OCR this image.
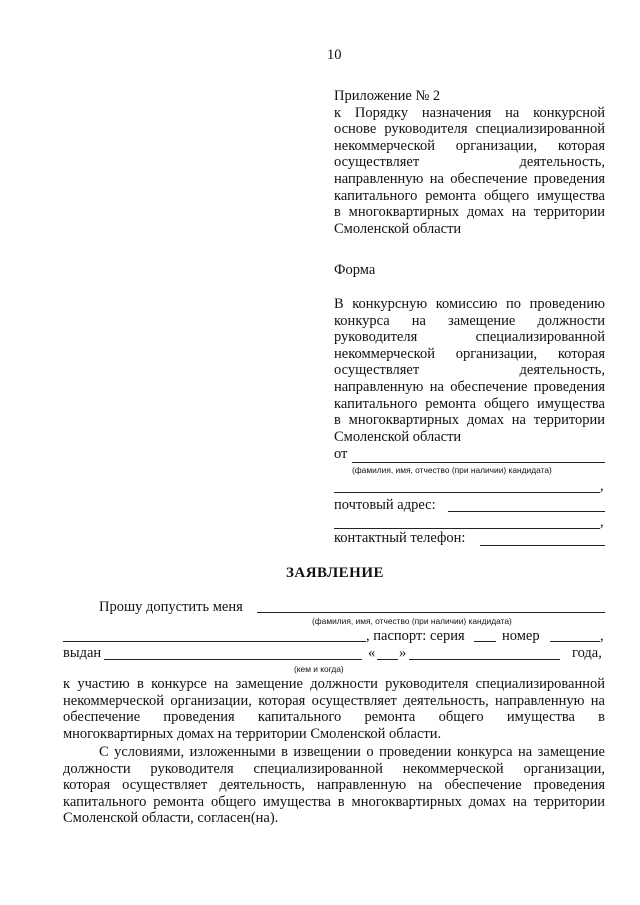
10
Приложение № 2
к Порядку назначения на конкурсной
основе руководителя специализированной
некоммерческой организации, которая
осуществляет деятельность,
направленную на обеспечение проведения
капитального ремонта общего имущества
в многоквартирных домах на территории
Смоленской области
Форма
В конкурсную комиссию по проведению
конкурса на замещение должности
руководителя специализированной
некоммерческой организации, которая
осуществляет деятельность,
направленную на обеспечение проведения
капитального ремонта общего имущества
в многоквартирных домах на территории
Смоленской области
от
(фамилия, имя, отчество (при наличии) кандидата)
,
почтовый адрес:
,
контактный телефон:
ЗАЯВЛЕНИЕ
Прошу допустить меня
(фамилия, имя, отчество (при наличии) кандидата)
, паспорт: серия	номер	,
выдан	« »	года,
(кем и когда)
к участию в конкурсе на замещение должности руководителя специализированной
некоммерческой организации, которая осуществляет деятельность, направленную на
обеспечение проведения капитального ремонта общего имущества в
многоквартирных домах на территории Смоленской области.
С условиями, изложенными в извещении о проведении конкурса на замещение
должности руководителя специализированной некоммерческой организации,
которая осуществляет деятельность, направленную на обеспечение проведения
капитального ремонта общего имущества в многоквартирных домах на территории
Смоленской области, согласен(на).
